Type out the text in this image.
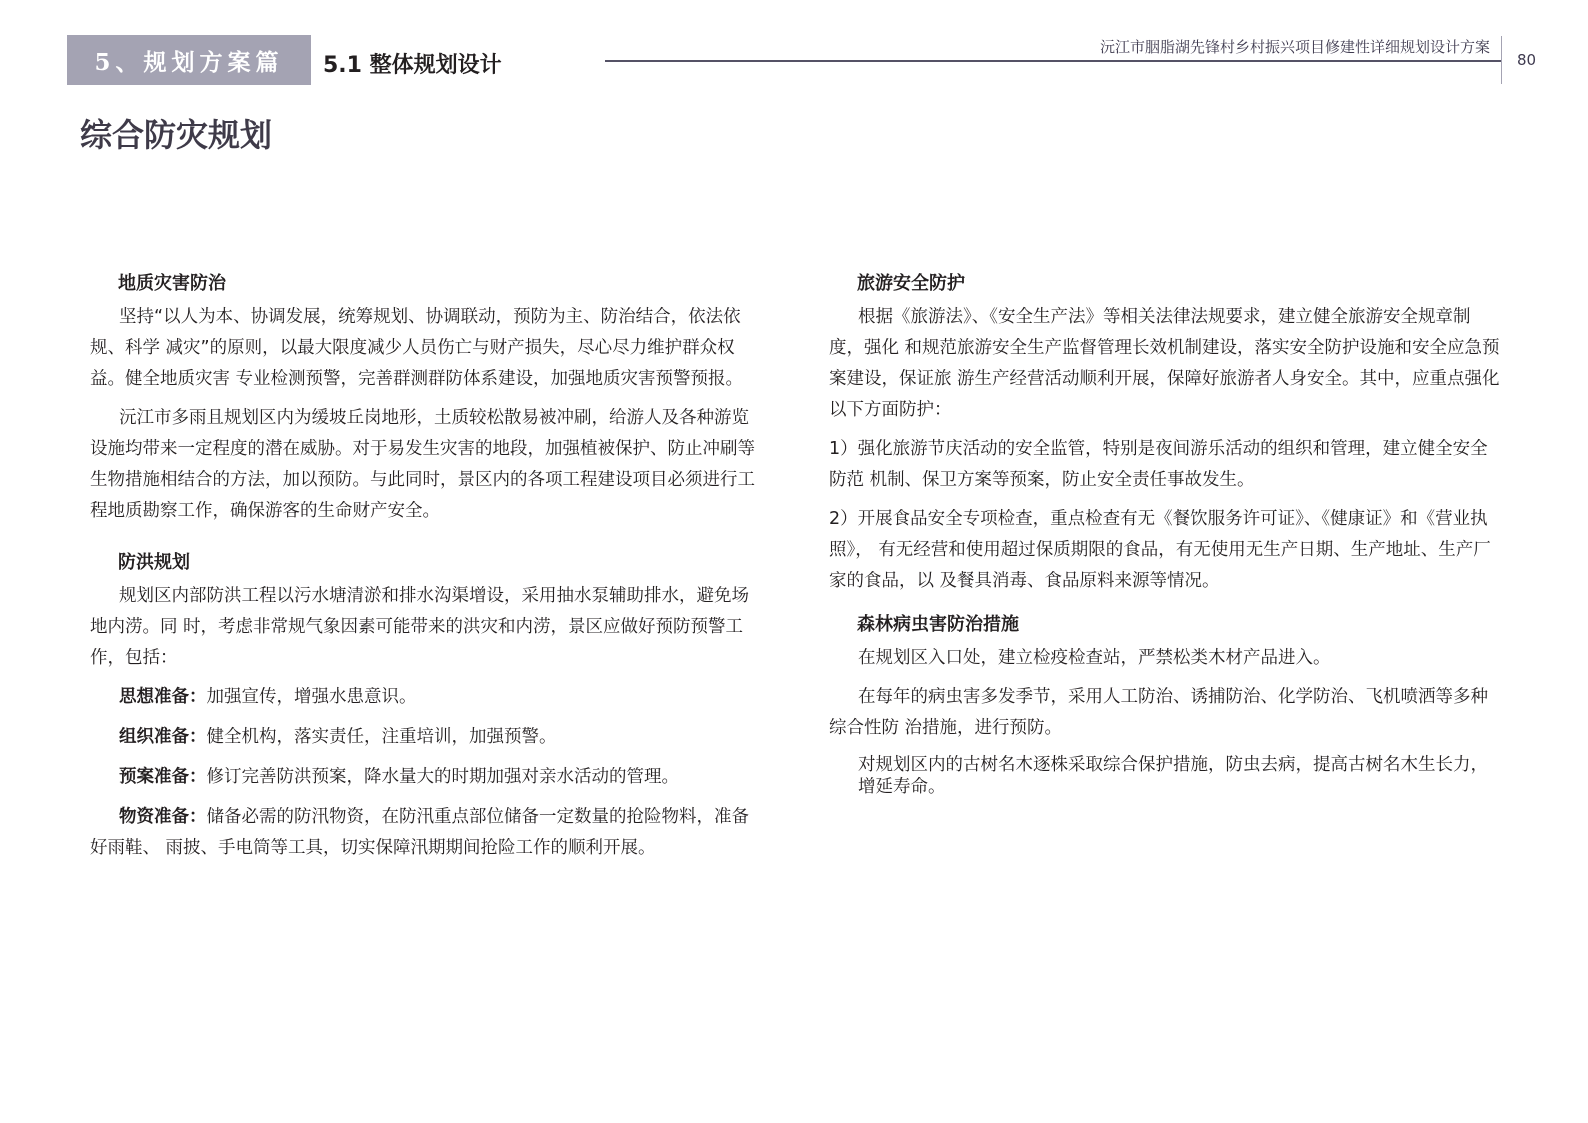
5、规划方案篇	5.1 整体规划设计
沅江市胭脂湖先锋村乡村振兴项目修建性详细规划设计方案
80
综合防灾规划
地质灾害防治

坚持“以人为本、协调发展，统筹规划、协调联动，预防为主、防治结合，依法依规、科学 减灾”的原则，以最大限度减少人员伤亡与财产损失，尽心尽力维护群众权益。健全地质灾害 专业检测预警，完善群测群防体系建设，加强地质灾害预警预报。

沅江市多雨且规划区内为缓坡丘岗地形，土质较松散易被冲刷，给游人及各种游览设施均带来一定程度的潜在威胁。对于易发生灾害的地段，加强植被保护、防止冲刷等生物措施相结合的方法，加以预防。与此同时，景区内的各项工程建设项目必须进行工程地质勘察工作，确保游客的生命财产安全。

防洪规划

规划区内部防洪工程以污水塘清淤和排水沟渠增设，采用抽水泵辅助排水，避免场地内涝。同 时，考虑非常规气象因素可能带来的洪灾和内涝，景区应做好预防预警工作，包括：

思想准备：加强宣传，增强水患意识。

组织准备：健全机构，落实责任，注重培训，加强预警。

预案准备：修订完善防洪预案，降水量大的时期加强对亲水活动的管理。

物资准备：储备必需的防汛物资，在防汛重点部位储备一定数量的抢险物料，准备好雨鞋、 雨披、手电筒等工具，切实保障汛期期间抢险工作的顺利开展。

旅游安全防护

根据《旅游法》、《安全生产法》等相关法律法规要求，建立健全旅游安全规章制度，强化 和规范旅游安全生产监督管理长效机制建设，落实安全防护设施和安全应急预案建设，保证旅 游生产经营活动顺利开展，保障好旅游者人身安全。其中，应重点强化以下方面防护：

1）强化旅游节庆活动的安全监管，特别是夜间游乐活动的组织和管理，建立健全安全防范 机制、保卫方案等预案，防止安全责任事故发生。

2）开展食品安全专项检查，重点检查有无《餐饮服务许可证》、《健康证》和《营业执照》， 有无经营和使用超过保质期限的食品，有无使用无生产日期、生产地址、生产厂家的食品，以 及餐具消毒、食品原料来源等情况。

森林病虫害防治措施

在规划区入口处，建立检疫检查站，严禁松类木材产品进入。

在每年的病虫害多发季节，采用人工防治、诱捕防治、化学防治、飞机喷洒等多种综合性防 治措施，进行预防。

对规划区内的古树名木逐株采取综合保护措施，防虫去病，提高古树名木生长力，增延寿命。
